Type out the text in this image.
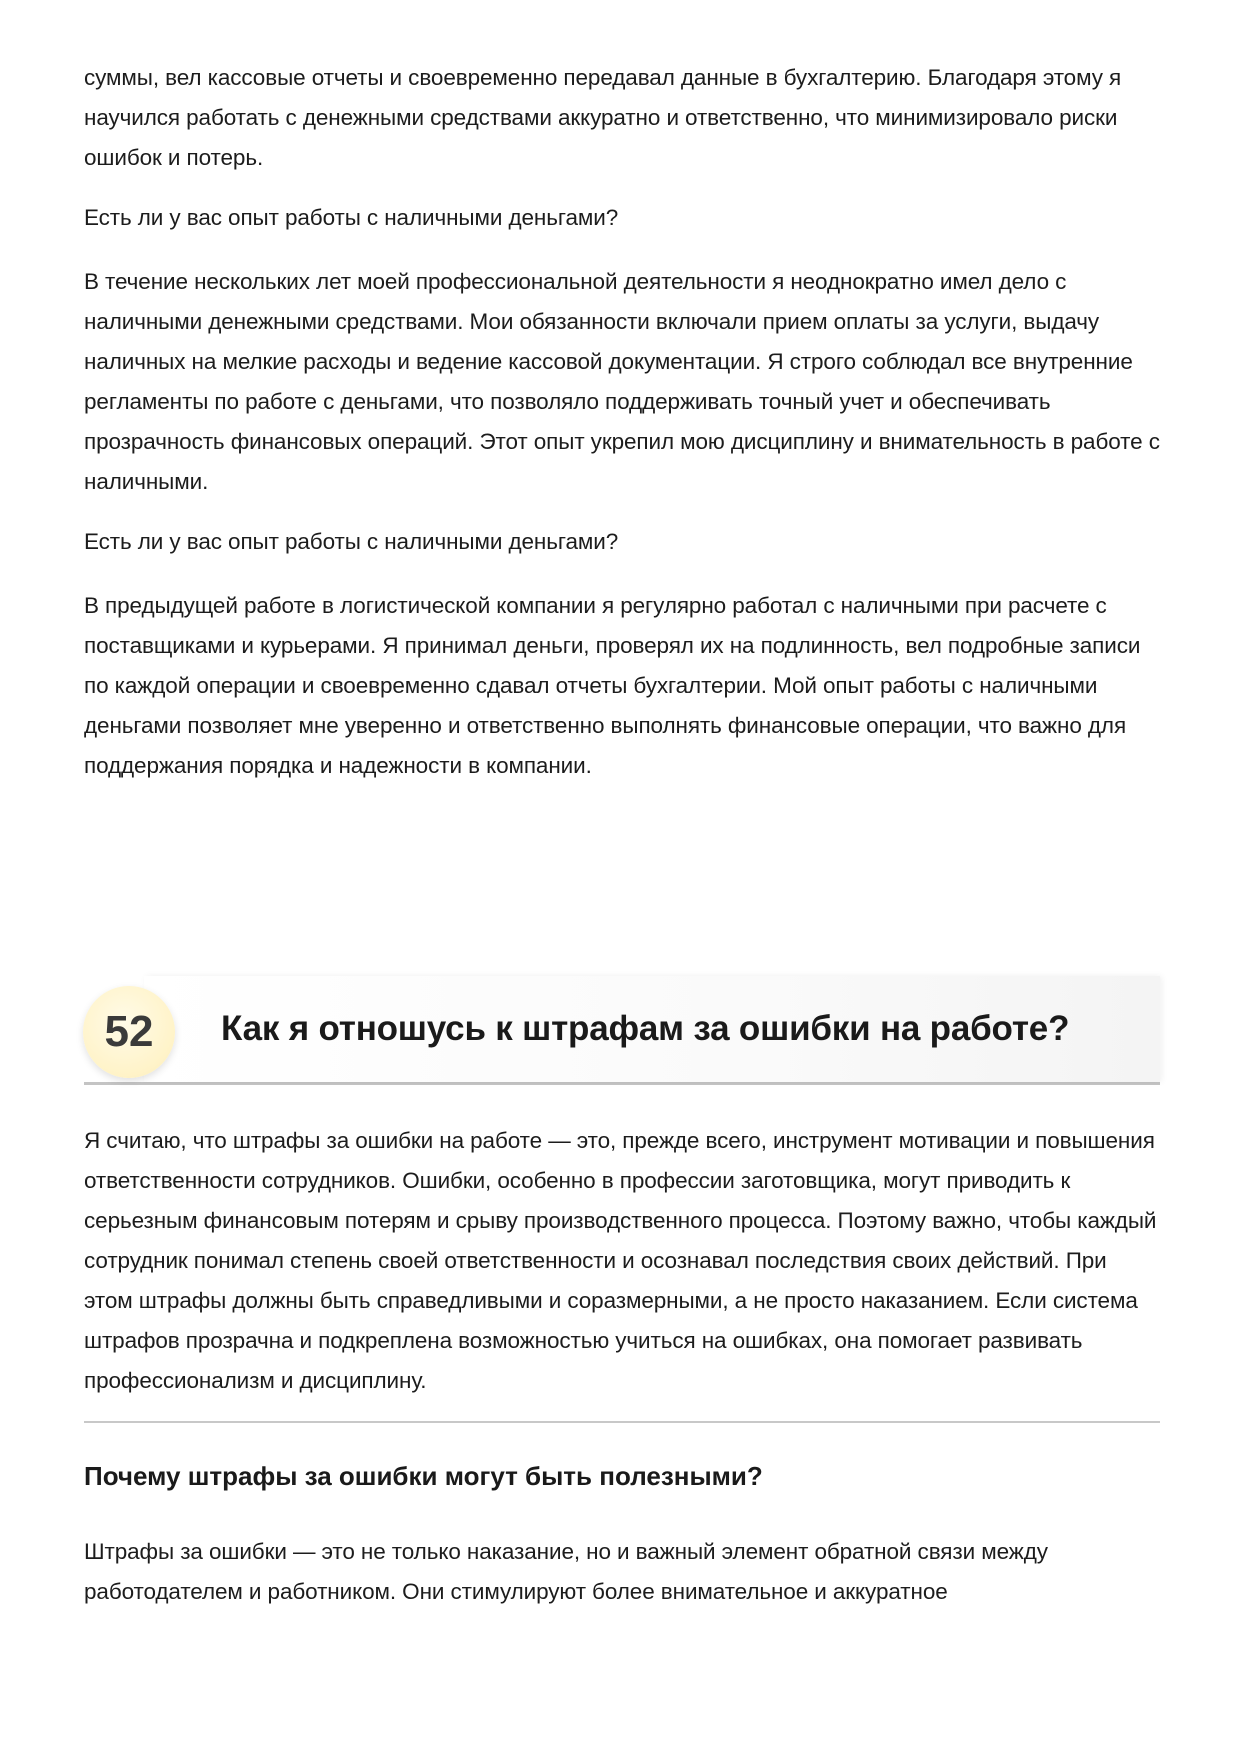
суммы, вел кассовые отчеты и своевременно передавал данные в бухгалтерию. Благодаря этому я научился работать с денежными средствами аккуратно и ответственно, что минимизировало риски ошибок и потерь.

Есть ли у вас опыт работы с наличными деньгами?

В течение нескольких лет моей профессиональной деятельности я неоднократно имел дело с наличными денежными средствами. Мои обязанности включали прием оплаты за услуги, выдачу наличных на мелкие расходы и ведение кассовой документации. Я строго соблюдал все внутренние регламенты по работе с деньгами, что позволяло поддерживать точный учет и обеспечивать прозрачность финансовых операций. Этот опыт укрепил мою дисциплину и внимательность в работе с наличными.

Есть ли у вас опыт работы с наличными деньгами?

В предыдущей работе в логистической компании я регулярно работал с наличными при расчете с поставщиками и курьерами. Я принимал деньги, проверял их на подлинность, вел подробные записи по каждой операции и своевременно сдавал отчеты бухгалтерии. Мой опыт работы с наличными деньгами позволяет мне уверенно и ответственно выполнять финансовые операции, что важно для поддержания порядка и надежности в компании.

52	Как я отношусь к штрафам за ошибки на работе?

Я считаю, что штрафы за ошибки на работе — это, прежде всего, инструмент мотивации и повышения ответственности сотрудников. Ошибки, особенно в профессии заготовщика, могут приводить к серьезным финансовым потерям и срыву производственного процесса. Поэтому важно, чтобы каждый сотрудник понимал степень своей ответственности и осознавал последствия своих действий. При этом штрафы должны быть справедливыми и соразмерными, а не просто наказанием. Если система штрафов прозрачна и подкреплена возможностью учиться на ошибках, она помогает развивать профессионализм и дисциплину.

Почему штрафы за ошибки могут быть полезными?

Штрафы за ошибки — это не только наказание, но и важный элемент обратной связи между работодателем и работником. Они стимулируют более внимательное и аккуратное
